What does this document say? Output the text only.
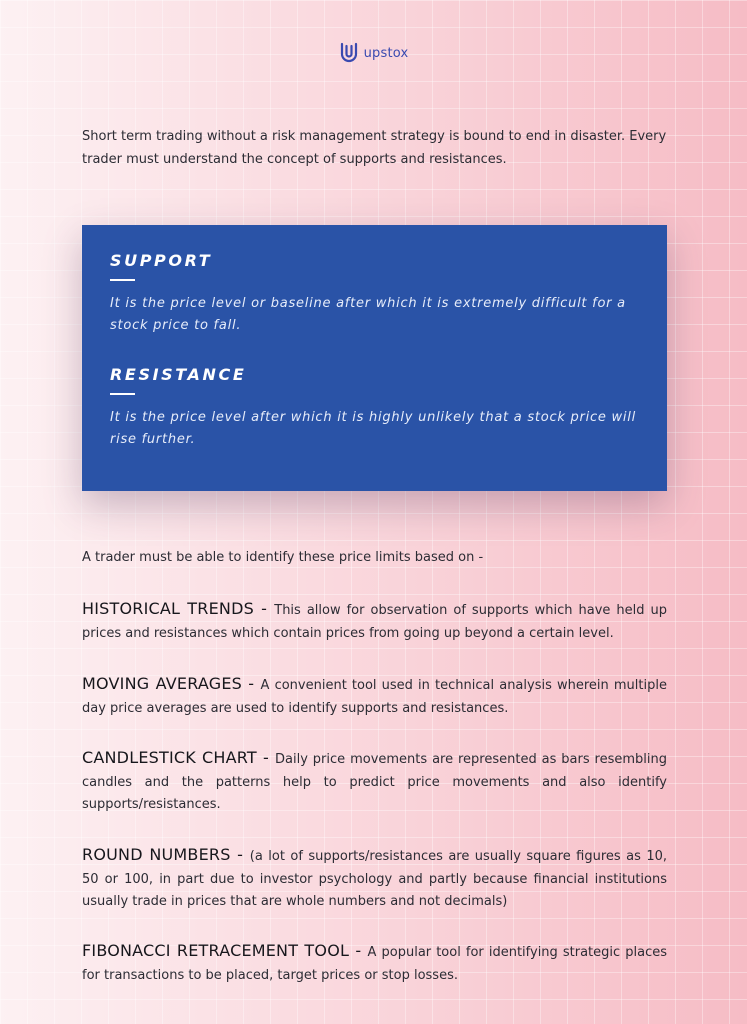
upstox
Short term trading without a risk management strategy is bound to end in disaster. Every trader must understand the concept of supports and resistances.
SUPPORT

It is the price level or baseline after which it is extremely difficult for a stock price to fall.

RESISTANCE

It is the price level after which it is highly unlikely that a stock price will rise further.

A trader must be able to identify these price limits based on -
HISTORICAL TRENDS - This allow for observation of supports which have held up prices and resistances which contain prices from going up beyond a certain level.
MOVING AVERAGES - A convenient tool used in technical analysis wherein multiple day price averages are used to identify supports and resistances.
CANDLESTICK CHART - Daily price movements are represented as bars resembling candles and the patterns help to predict price movements and also identify supports/resistances.
ROUND NUMBERS - (a lot of supports/resistances are usually square figures as 10, 50 or 100, in part due to investor psychology and partly because financial institutions usually trade in prices that are whole numbers and not decimals)
FIBONACCI RETRACEMENT TOOL - A popular tool for identifying strategic places for transactions to be placed, target prices or stop losses.
